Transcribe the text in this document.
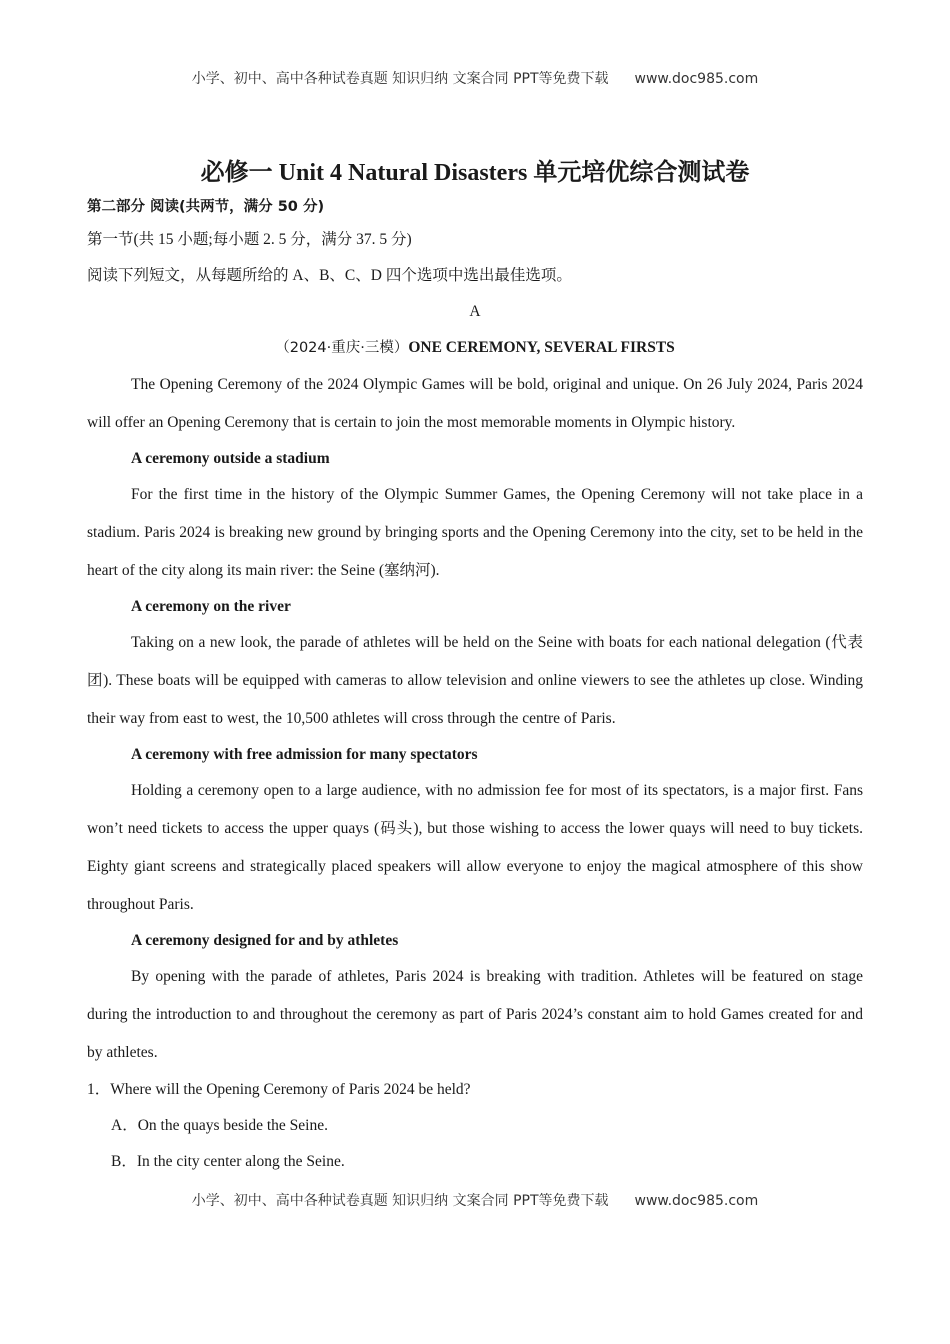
小学、初中、高中各种试卷真题 知识归纳 文案合同 PPT等免费下载 www.doc985.com
必修一 Unit 4 Natural Disasters 单元培优综合测试卷

第二部分 阅读(共两节，满分 50 分)

第一节(共 15 小题;每小题 2. 5 分，满分 37. 5 分)

阅读下列短文，从每题所给的 A、B、C、D 四个选项中选出最佳选项。

A

（2024·重庆·三模）ONE CEREMONY, SEVERAL FIRSTS

The Opening Ceremony of the 2024 Olympic Games will be bold, original and unique. On 26 July 2024, Paris 2024 will offer an Opening Ceremony that is certain to join the most memorable moments in Olympic history.

A ceremony outside a stadium

For the first time in the history of the Olympic Summer Games, the Opening Ceremony will not take place in a stadium. Paris 2024 is breaking new ground by bringing sports and the Opening Ceremony into the city, set to be held in the heart of the city along its main river: the Seine (塞纳河).

A ceremony on the river

Taking on a new look, the parade of athletes will be held on the Seine with boats for each national delegation (代表团). These boats will be equipped with cameras to allow television and online viewers to see the athletes up close. Winding their way from east to west, the 10,500 athletes will cross through the centre of Paris.

A ceremony with free admission for many spectators

Holding a ceremony open to a large audience, with no admission fee for most of its spectators, is a major first. Fans won’t need tickets to access the upper quays (码头), but those wishing to access the lower quays will need to buy tickets. Eighty giant screens and strategically placed speakers will allow everyone to enjoy the magical atmosphere of this show throughout Paris.

A ceremony designed for and by athletes

By opening with the parade of athletes, Paris 2024 is breaking with tradition. Athletes will be featured on stage during the introduction to and throughout the ceremony as part of Paris 2024’s constant aim to hold Games created for and by athletes.

1．Where will the Opening Ceremony of Paris 2024 be held?

A．On the quays beside the Seine.

B．In the city center along the Seine.

小学、初中、高中各种试卷真题 知识归纳 文案合同 PPT等免费下载 www.doc985.com
